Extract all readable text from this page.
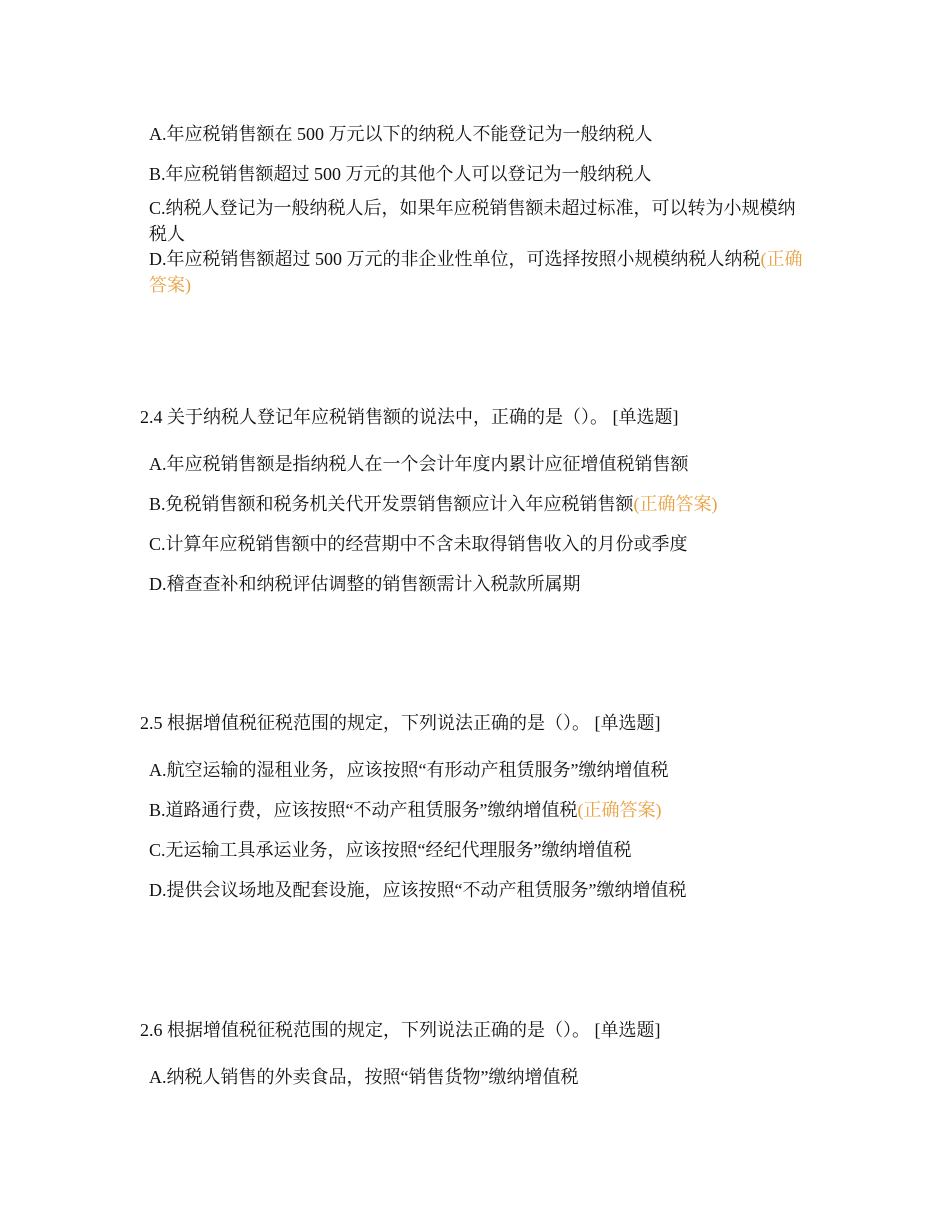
A.年应税销售额在 500 万元以下的纳税人不能登记为一般纳税人
B.年应税销售额超过 500 万元的其他个人可以登记为一般纳税人
C.纳税人登记为一般纳税人后，如果年应税销售额未超过标准，可以转为小规模纳税人
D.年应税销售额超过 500 万元的非企业性单位，可选择按照小规模纳税人纳税(正确答案)
2.4 关于纳税人登记年应税销售额的说法中，正确的是（）。 [单选题]
A.年应税销售额是指纳税人在一个会计年度内累计应征增值税销售额
B.免税销售额和税务机关代开发票销售额应计入年应税销售额(正确答案)
C.计算年应税销售额中的经营期中不含未取得销售收入的月份或季度
D.稽查查补和纳税评估调整的销售额需计入税款所属期
2.5 根据增值税征税范围的规定，下列说法正确的是（）。 [单选题]
A.航空运输的湿租业务，应该按照“有形动产租赁服务”缴纳增值税
B.道路通行费，应该按照“不动产租赁服务”缴纳增值税(正确答案)
C.无运输工具承运业务，应该按照“经纪代理服务”缴纳增值税
D.提供会议场地及配套设施，应该按照“不动产租赁服务”缴纳增值税
2.6 根据增值税征税范围的规定，下列说法正确的是（）。 [单选题]
A.纳税人销售的外卖食品，按照“销售货物”缴纳增值税
